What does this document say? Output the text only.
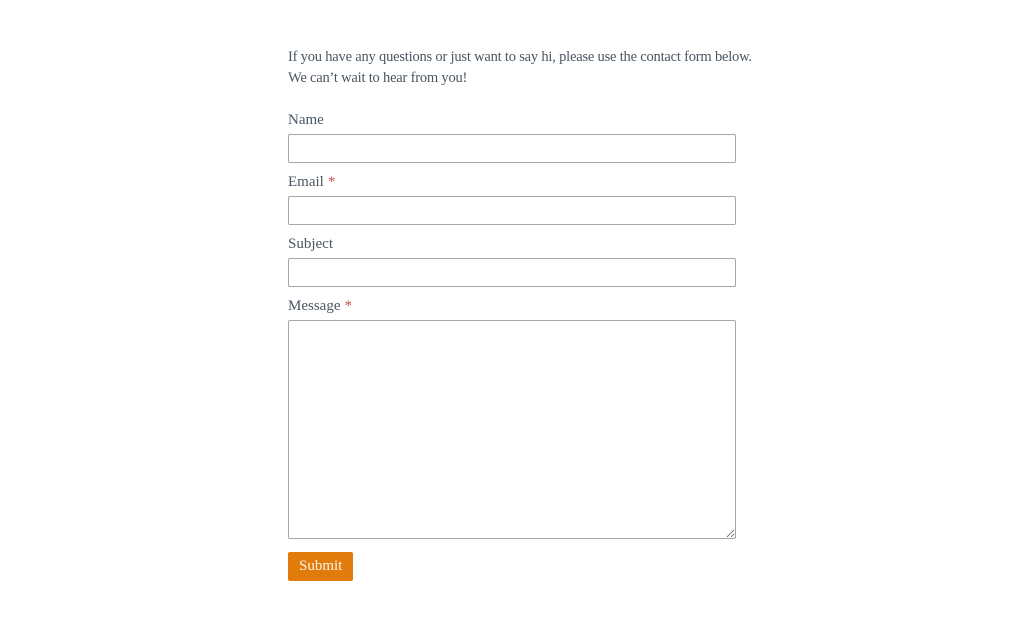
If you have any questions or just want to say hi, please use the contact form below.
We can’t wait to hear from you!

Name
Email *
Subject
Message *
Submit
